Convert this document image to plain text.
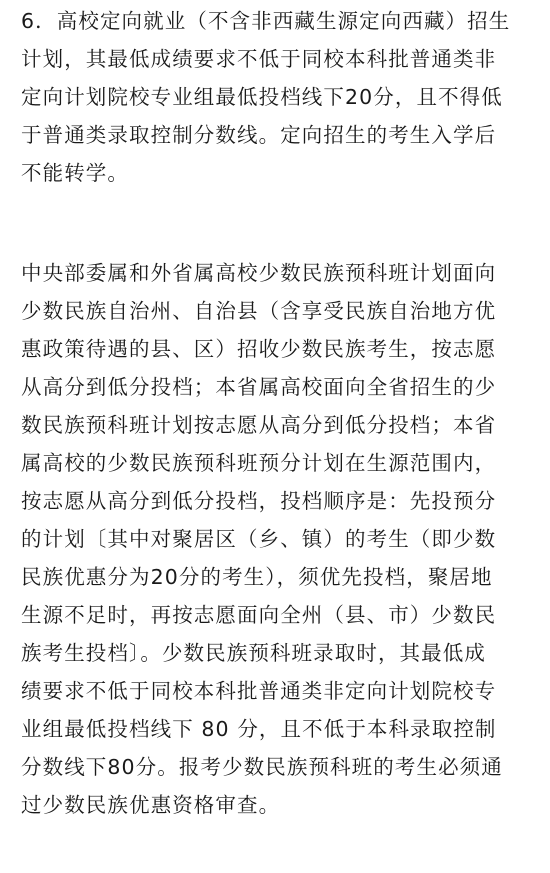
6．高校定向就业（不含非西藏生源定向西藏）招生
计划，其最低成绩要求不低于同校本科批普通类非
定向计划院校专业组最低投档线下20分，且不得低
于普通类录取控制分数线。定向招生的考生入学后
不能转学。

中央部委属和外省属高校少数民族预科班计划面向
少数民族自治州、自治县（含享受民族自治地方优
惠政策待遇的县、区）招收少数民族考生，按志愿
从高分到低分投档；本省属高校面向全省招生的少
数民族预科班计划按志愿从高分到低分投档；本省
属高校的少数民族预科班预分计划在生源范围内，
按志愿从高分到低分投档，投档顺序是：先投预分
的计划〔其中对聚居区（乡、镇）的考生（即少数
民族优惠分为20分的考生），须优先投档，聚居地
生源不足时，再按志愿面向全州（县、市）少数民
族考生投档〕。少数民族预科班录取时，其最低成
绩要求不低于同校本科批普通类非定向计划院校专
业组最低投档线下 80 分，且不低于本科录取控制
分数线下80分。报考少数民族预科班的考生必须通
过少数民族优惠资格审查。
